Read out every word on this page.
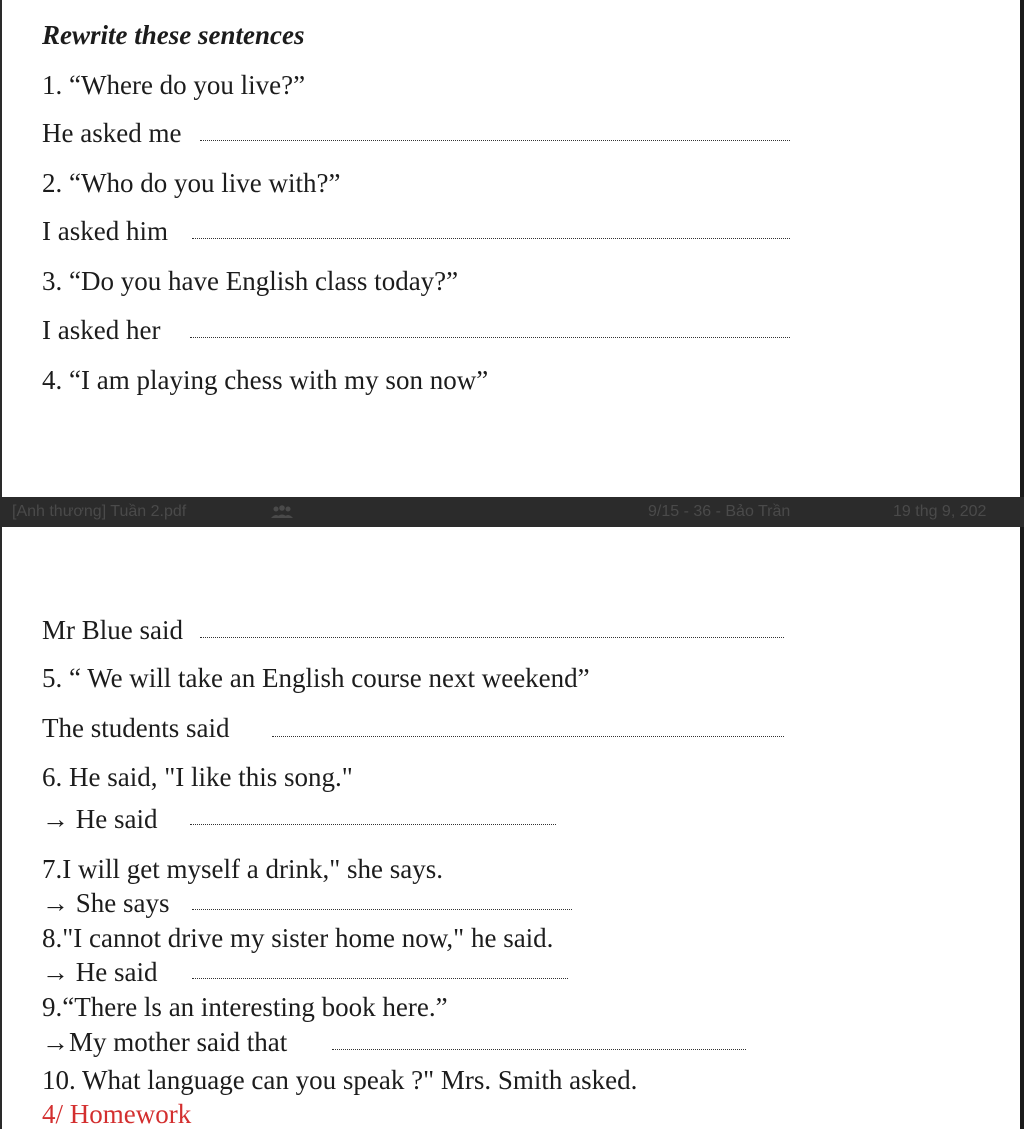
Rewrite these sentences
1. “Where do you live?”
He asked me
2. “Who do you live with?”
I asked him
3. “Do you have English class today?”
I asked her
4. “I am playing chess with my son now”
[Anh thương] Tuần 2.pdf	9/15 - 36 - Bảo Trần	19 thg 9, 202
Mr Blue said
5. “ We will take an English course next weekend”
The students said
6. He said, "I like this song."
→ He said
7.I will get myself a drink," she says.
→ She says
8."I cannot drive my sister home now," he said.
→ He said
9.“There ls an interesting book here.”
→My mother said that
10. What language can you speak ?" Mrs. Smith asked.
4/ Homework
